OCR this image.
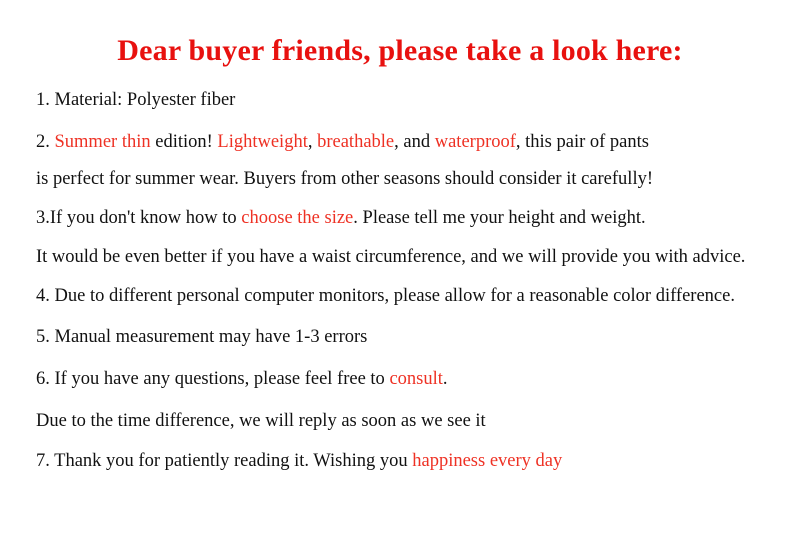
Dear buyer friends, please take a look here:
1. Material: Polyester fiber
2. Summer thin edition! Lightweight, breathable, and waterproof, this pair of pants
is perfect for summer wear. Buyers from other seasons should consider it carefully!
3.If you don't know how to choose the size. Please tell me your height and weight.
It would be even better if you have a waist circumference, and we will provide you with advice.
4. Due to different personal computer monitors, please allow for a reasonable color difference.
5. Manual measurement may have 1-3 errors
6. If you have any questions, please feel free to consult.
Due to the time difference, we will reply as soon as we see it
7. Thank you for patiently reading it. Wishing you happiness every day
